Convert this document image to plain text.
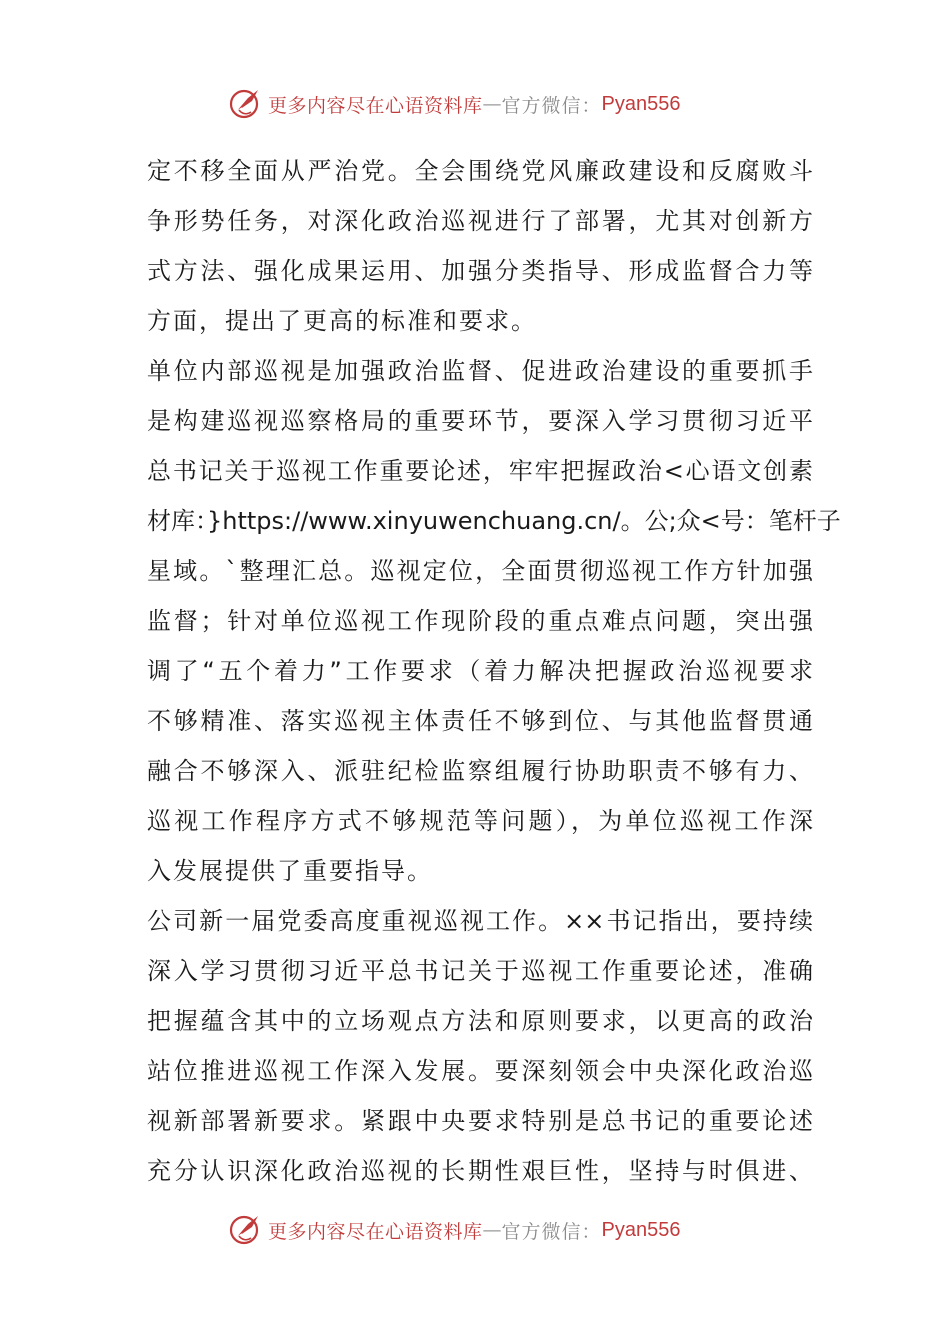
更多内容尽在心语资料库 — 官方微信： Pyan556
定不移全面从严治党。全会围绕党风廉政建设和反腐败斗
争形势任务，对深化政治巡视进行了部署，尤其对创新方
式方法、强化成果运用、加强分类指导、形成监督合力等
方面，提出了更高的标准和要求。
单位内部巡视是加强政治监督、促进政治建设的重要抓手
是构建巡视巡察格局的重要环节，要深入学习贯彻习近平
总书记关于巡视工作重要论述，牢牢把握政治<心语文创素
材库：}https://www.xinyuwenchuang.cn/。公;众<号：笔杆子
星域。`整理汇总。巡视定位，全面贯彻巡视工作方针加强
监督；针对单位巡视工作现阶段的重点难点问题，突出强
调了“五个着力”工作要求（着力解决把握政治巡视要求
不够精准、落实巡视主体责任不够到位、与其他监督贯通
融合不够深入、派驻纪检监察组履行协助职责不够有力、
巡视工作程序方式不够规范等问题），为单位巡视工作深
入发展提供了重要指导。
公司新一届党委高度重视巡视工作。××书记指出，要持续
深入学习贯彻习近平总书记关于巡视工作重要论述，准确
把握蕴含其中的立场观点方法和原则要求，以更高的政治
站位推进巡视工作深入发展。要深刻领会中央深化政治巡
视新部署新要求。紧跟中央要求特别是总书记的重要论述
充分认识深化政治巡视的长期性艰巨性，坚持与时俱进、
更多内容尽在心语资料库 — 官方微信： Pyan556
